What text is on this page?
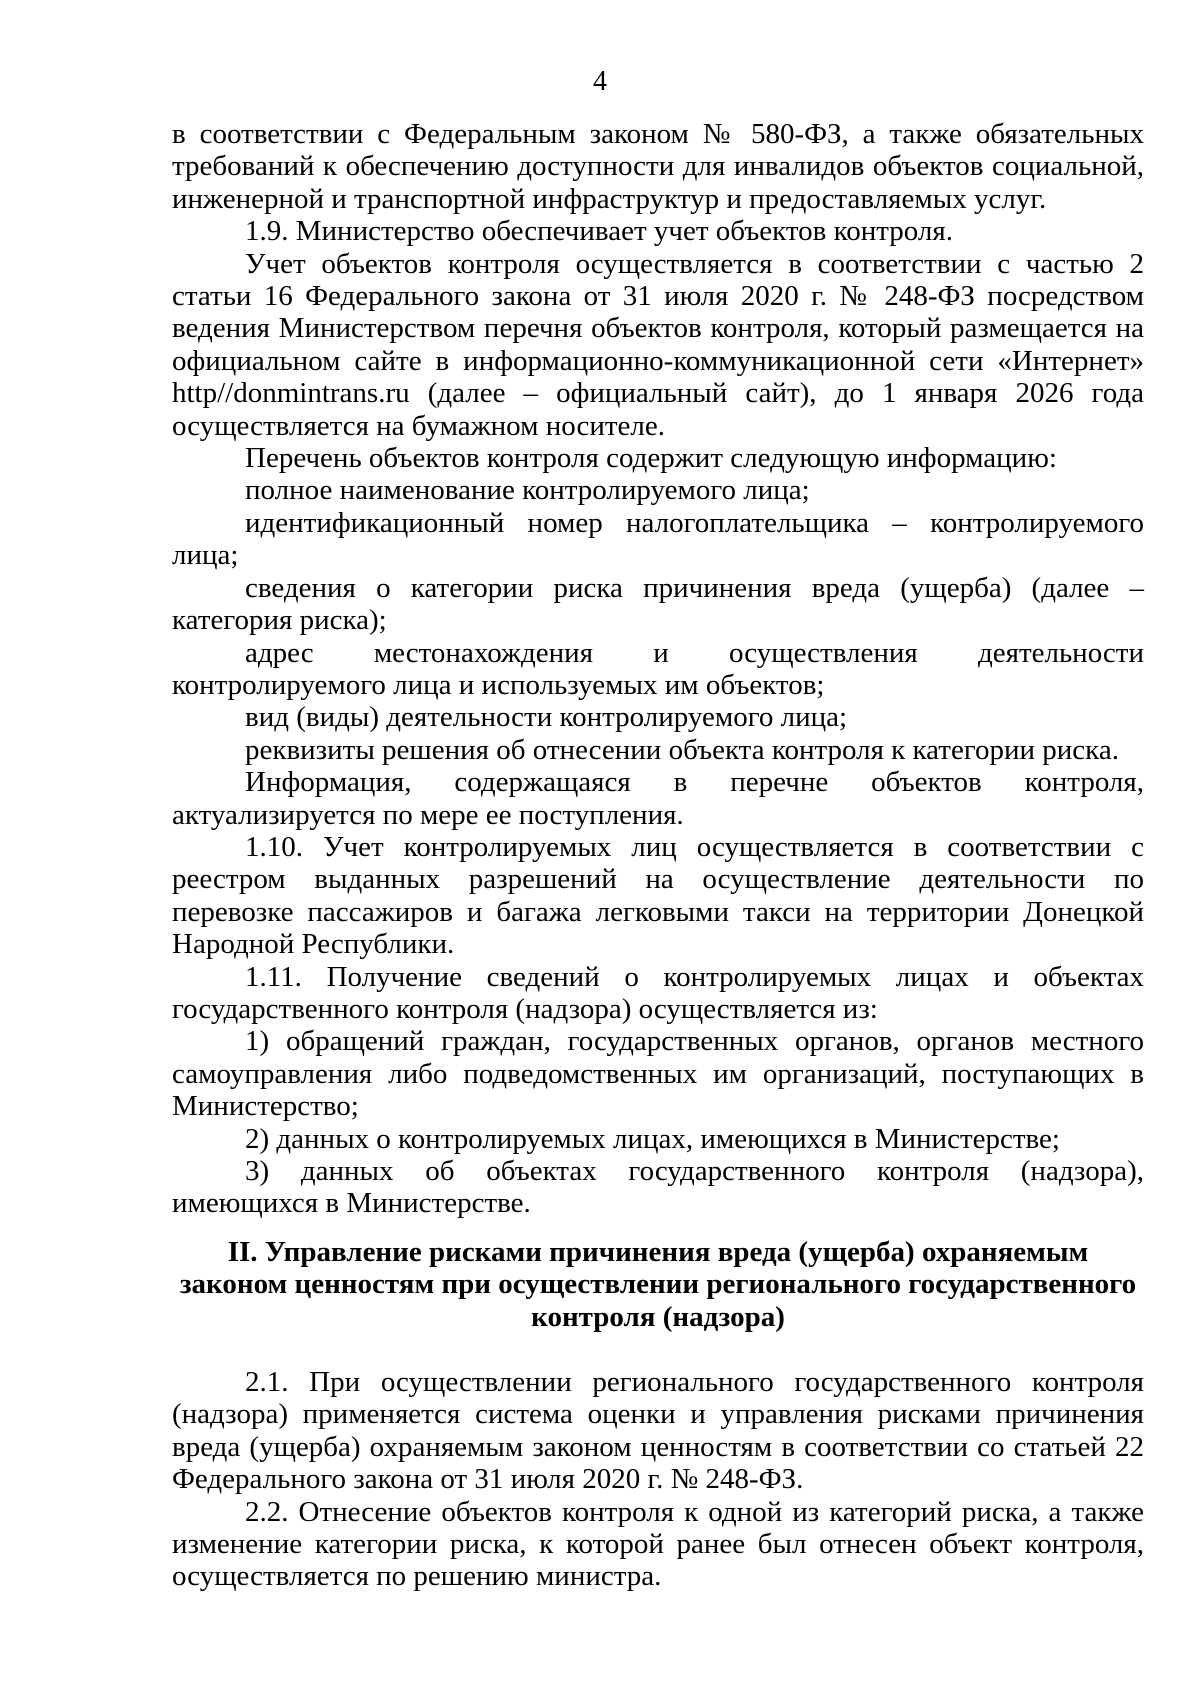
4

в соответствии с Федеральным законом № 580-ФЗ, а также обязательных требований к обеспечению доступности для инвалидов объектов социальной, инженерной и транспортной инфраструктур и предоставляемых услуг.

1.9. Министерство обеспечивает учет объектов контроля.

Учет объектов контроля осуществляется в соответствии с частью 2 статьи 16 Федерального закона от 31 июля 2020 г. № 248-ФЗ посредством ведения Министерством перечня объектов контроля, который размещается на официальном сайте в информационно-коммуникационной сети «Интернет» http//donmintrans.ru (далее – официальный сайт), до 1 января 2026 года осуществляется на бумажном носителе.

Перечень объектов контроля содержит следующую информацию:

полное наименование контролируемого лица;

идентификационный номер налогоплательщика – контролируемого лица;

сведения о категории риска причинения вреда (ущерба) (далее – категория риска);

адрес местонахождения и осуществления деятельности контролируемого лица и используемых им объектов;

вид (виды) деятельности контролируемого лица;

реквизиты решения об отнесении объекта контроля к категории риска.

Информация, содержащаяся в перечне объектов контроля, актуализируется по мере ее поступления.

1.10. Учет контролируемых лиц осуществляется в соответствии с реестром выданных разрешений на осуществление деятельности по перевозке пассажиров и багажа легковыми такси на территории Донецкой Народной Республики.

1.11. Получение сведений о контролируемых лицах и объектах государственного контроля (надзора) осуществляется из:

1) обращений граждан, государственных органов, органов местного самоуправления либо подведомственных им организаций, поступающих в Министерство;

2) данных о контролируемых лицах, имеющихся в Министерстве;

3) данных об объектах государственного контроля (надзора), имеющихся в Министерстве.

II. Управление рисками причинения вреда (ущерба) охраняемым

законом ценностям при осуществлении регионального государственного

контроля (надзора)

2.1. При осуществлении регионального государственного контроля (надзора) применяется система оценки и управления рисками причинения вреда (ущерба) охраняемым законом ценностям в соответствии со статьей 22 Федерального закона от 31 июля 2020 г. № 248-ФЗ.

2.2. Отнесение объектов контроля к одной из категорий риска, а также изменение категории риска, к которой ранее был отнесен объект контроля, осуществляется по решению министра.
